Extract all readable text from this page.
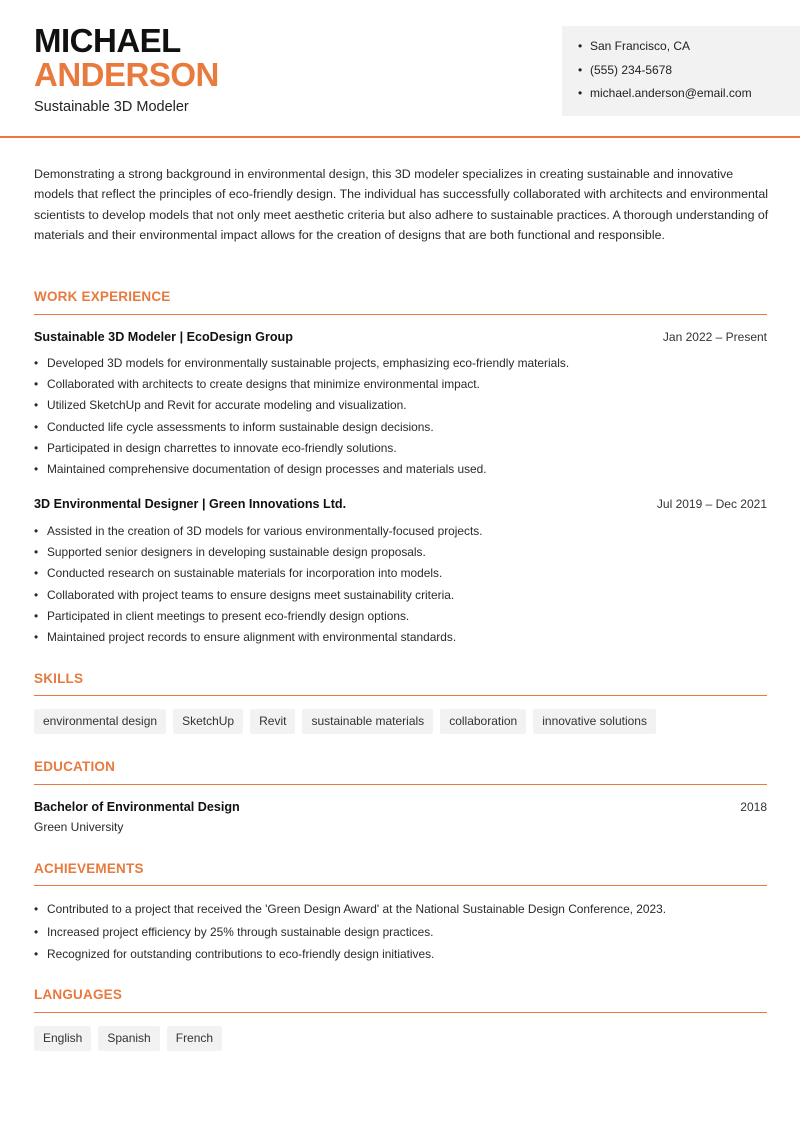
MICHAEL
ANDERSON
Sustainable 3D Modeler
• San Francisco, CA
• (555) 234-5678
• michael.anderson@email.com

Demonstrating a strong background in environmental design, this 3D modeler specializes in creating sustainable and innovative models that reflect the principles of eco-friendly design. The individual has successfully collaborated with architects and environmental scientists to develop models that not only meet aesthetic criteria but also adhere to sustainable practices. A thorough understanding of materials and their environmental impact allows for the creation of designs that are both functional and responsible.

WORK EXPERIENCE
Sustainable 3D Modeler | EcoDesign Group	Jan 2022 – Present
• Developed 3D models for environmentally sustainable projects, emphasizing eco-friendly materials.
• Collaborated with architects to create designs that minimize environmental impact.
• Utilized SketchUp and Revit for accurate modeling and visualization.
• Conducted life cycle assessments to inform sustainable design decisions.
• Participated in design charrettes to innovate eco-friendly solutions.
• Maintained comprehensive documentation of design processes and materials used.
3D Environmental Designer | Green Innovations Ltd.	Jul 2019 – Dec 2021
• Assisted in the creation of 3D models for various environmentally-focused projects.
• Supported senior designers in developing sustainable design proposals.
• Conducted research on sustainable materials for incorporation into models.
• Collaborated with project teams to ensure designs meet sustainability criteria.
• Participated in client meetings to present eco-friendly design options.
• Maintained project records to ensure alignment with environmental standards.
SKILLS
environmental design	SketchUp	Revit	sustainable materials	collaboration	innovative solutions
EDUCATION
Bachelor of Environmental Design	2018
Green University
ACHIEVEMENTS
• Contributed to a project that received the 'Green Design Award' at the National Sustainable Design Conference, 2023.
• Increased project efficiency by 25% through sustainable design practices.
• Recognized for outstanding contributions to eco-friendly design initiatives.
LANGUAGES
English	Spanish	French
